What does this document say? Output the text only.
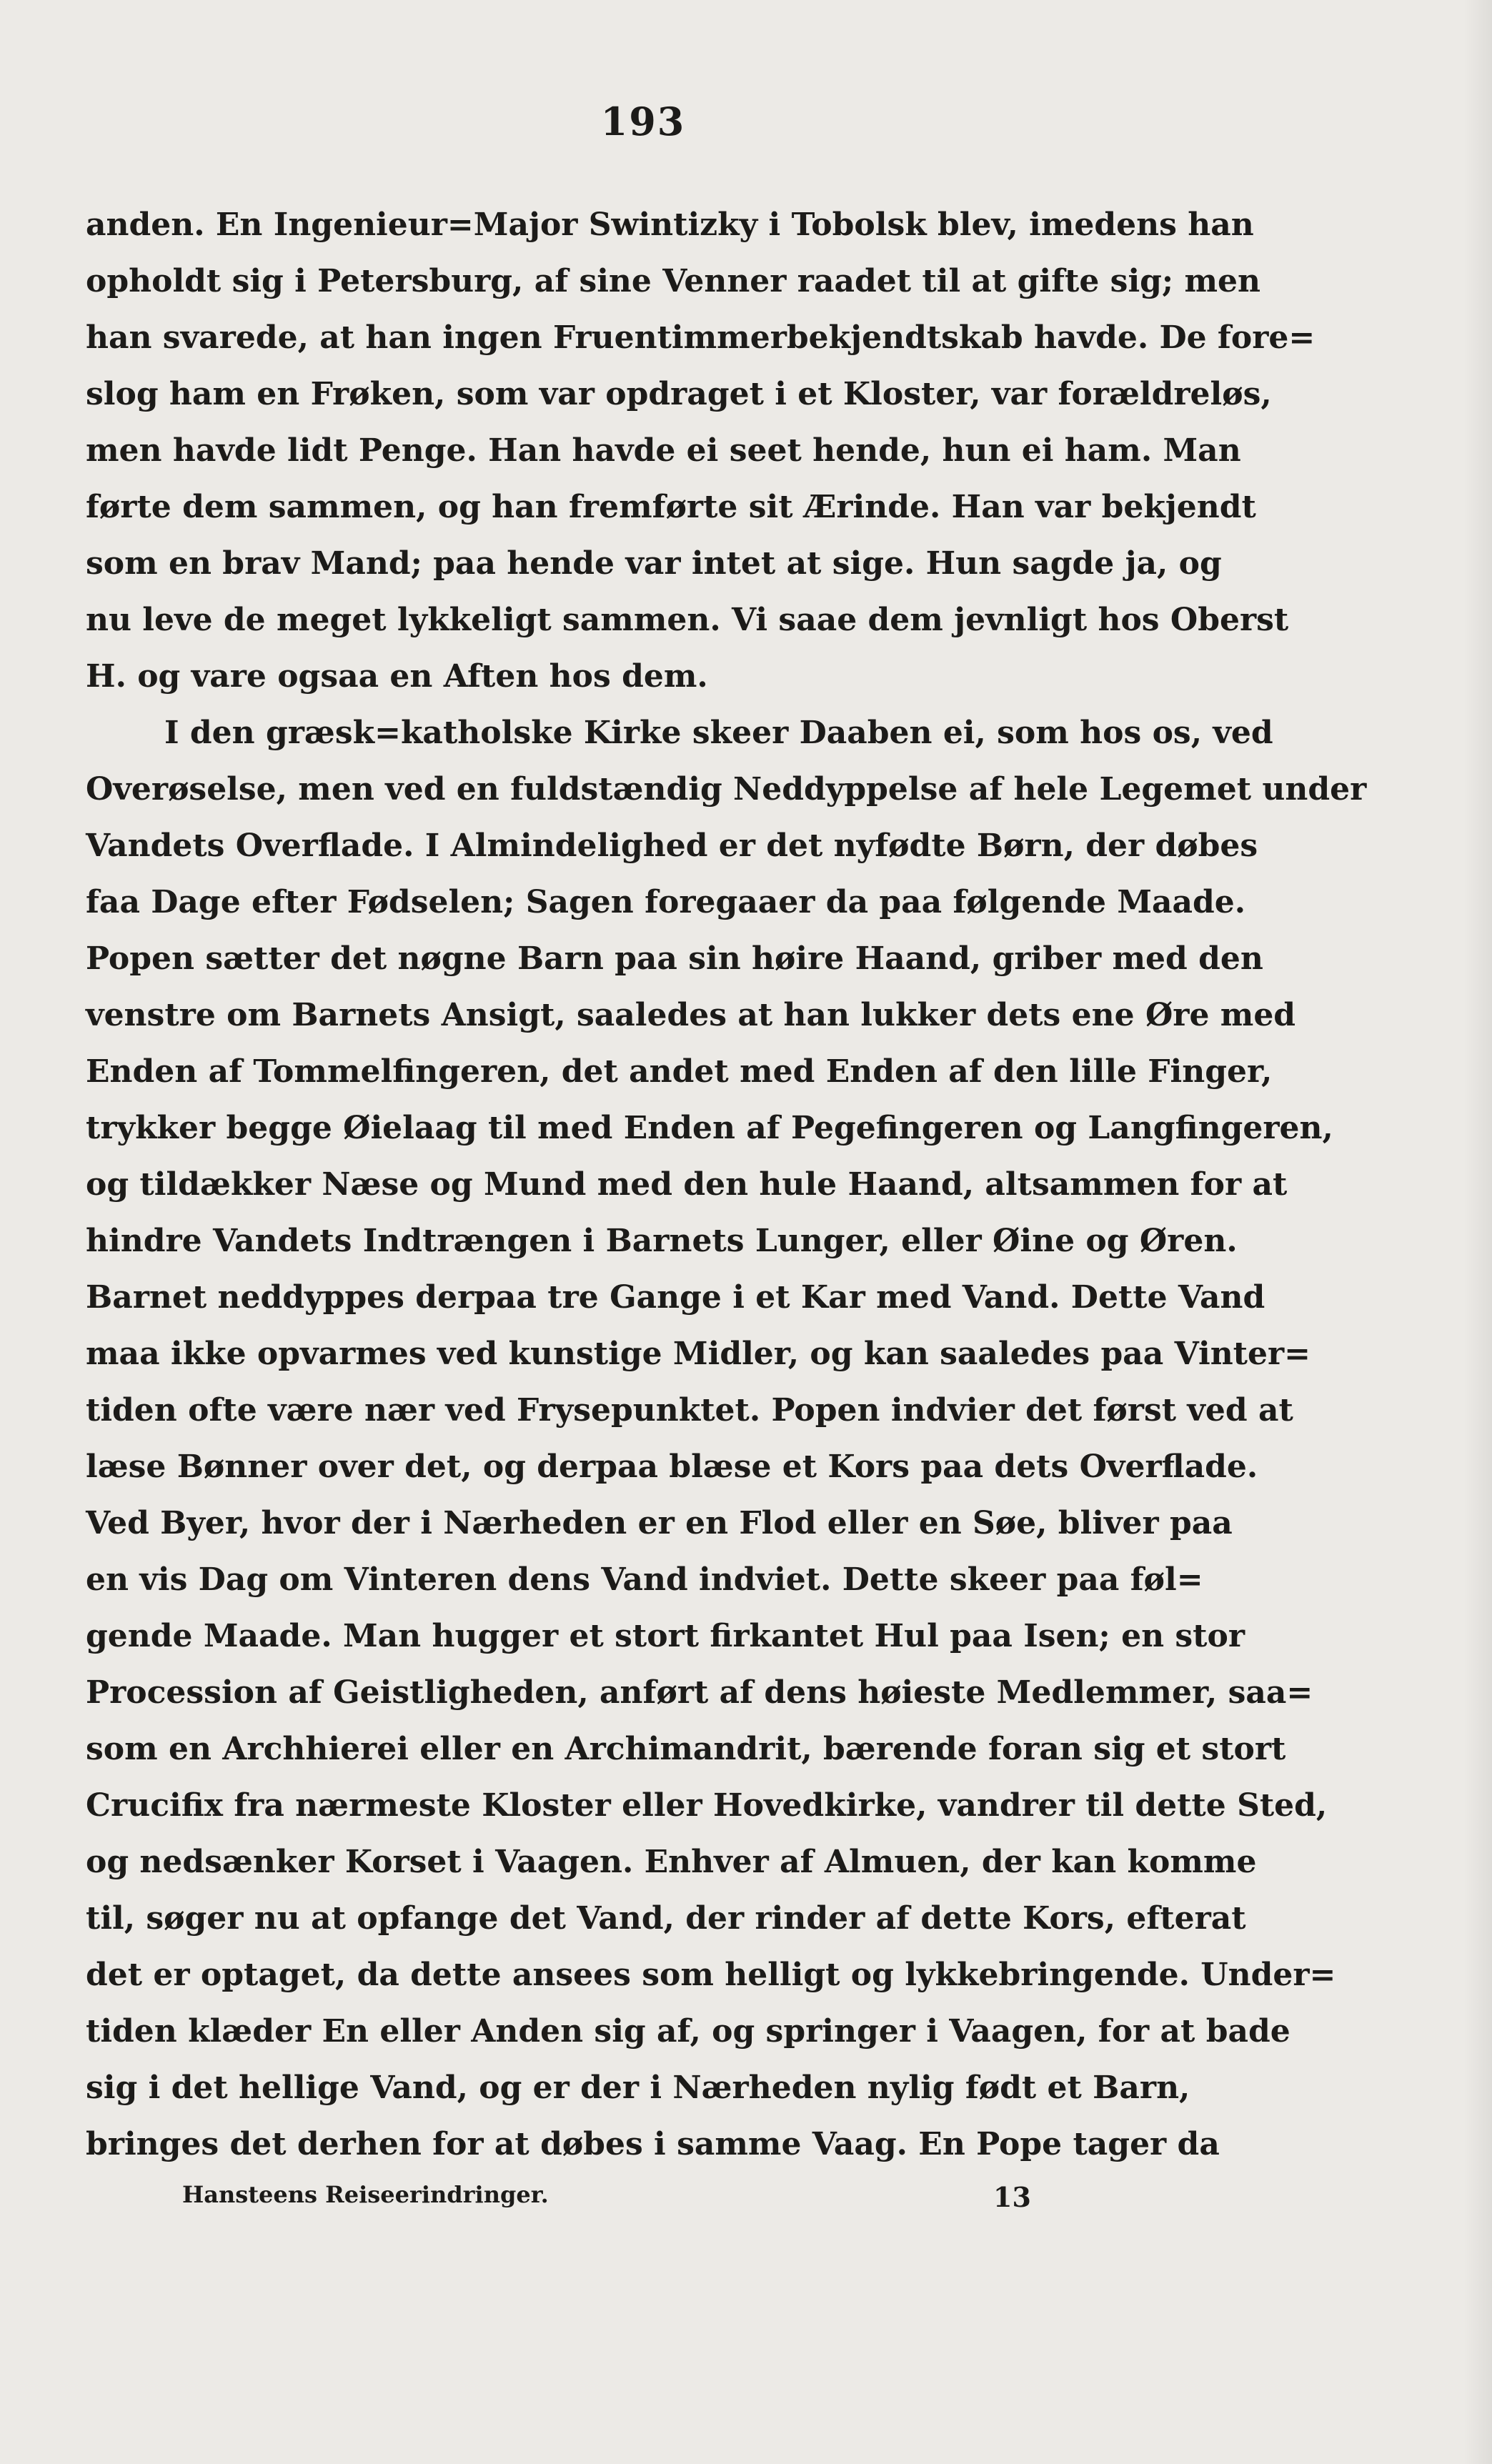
193
anden. En Ingenieur=Major Swintizky i Tobolsk blev, imedens han
opholdt sig i Petersburg, af sine Venner raadet til at gifte sig; men
han svarede, at han ingen Fruentimmerbekjendtskab havde. De fore=
slog ham en Frøken, som var opdraget i et Kloster, var forældreløs,
men havde lidt Penge. Han havde ei seet hende, hun ei ham. Man
førte dem sammen, og han fremførte sit Ærinde. Han var bekjendt
som en brav Mand; paa hende var intet at sige. Hun sagde ja, og
nu leve de meget lykkeligt sammen. Vi saae dem jevnligt hos Oberst
H. og vare ogsaa en Aften hos dem.
I den græsk=katholske Kirke skeer Daaben ei, som hos os, ved
Overøselse, men ved en fuldstændig Neddyppelse af hele Legemet under
Vandets Overflade. I Almindelighed er det nyfødte Børn, der døbes
faa Dage efter Fødselen; Sagen foregaaer da paa følgende Maade.
Popen sætter det nøgne Barn paa sin høire Haand, griber med den
venstre om Barnets Ansigt, saaledes at han lukker dets ene Øre med
Enden af Tommelfingeren, det andet med Enden af den lille Finger,
trykker begge Øielaag til med Enden af Pegefingeren og Langfingeren,
og tildækker Næse og Mund med den hule Haand, altsammen for at
hindre Vandets Indtrængen i Barnets Lunger, eller Øine og Øren.
Barnet neddyppes derpaa tre Gange i et Kar med Vand. Dette Vand
maa ikke opvarmes ved kunstige Midler, og kan saaledes paa Vinter=
tiden ofte være nær ved Frysepunktet. Popen indvier det først ved at
læse Bønner over det, og derpaa blæse et Kors paa dets Overflade.
Ved Byer, hvor der i Nærheden er en Flod eller en Søe, bliver paa
en vis Dag om Vinteren dens Vand indviet. Dette skeer paa føl=
gende Maade. Man hugger et stort firkantet Hul paa Isen; en stor
Procession af Geistligheden, anført af dens høieste Medlemmer, saa=
som en Archhierei eller en Archimandrit, bærende foran sig et stort
Crucifix fra nærmeste Kloster eller Hovedkirke, vandrer til dette Sted,
og nedsænker Korset i Vaagen. Enhver af Almuen, der kan komme
til, søger nu at opfange det Vand, der rinder af dette Kors, efterat
det er optaget, da dette ansees som helligt og lykkebringende. Under=
tiden klæder En eller Anden sig af, og springer i Vaagen, for at bade
sig i det hellige Vand, og er der i Nærheden nylig født et Barn,
bringes det derhen for at døbes i samme Vaag. En Pope tager da
Hansteens Reiseerindringer.	13
